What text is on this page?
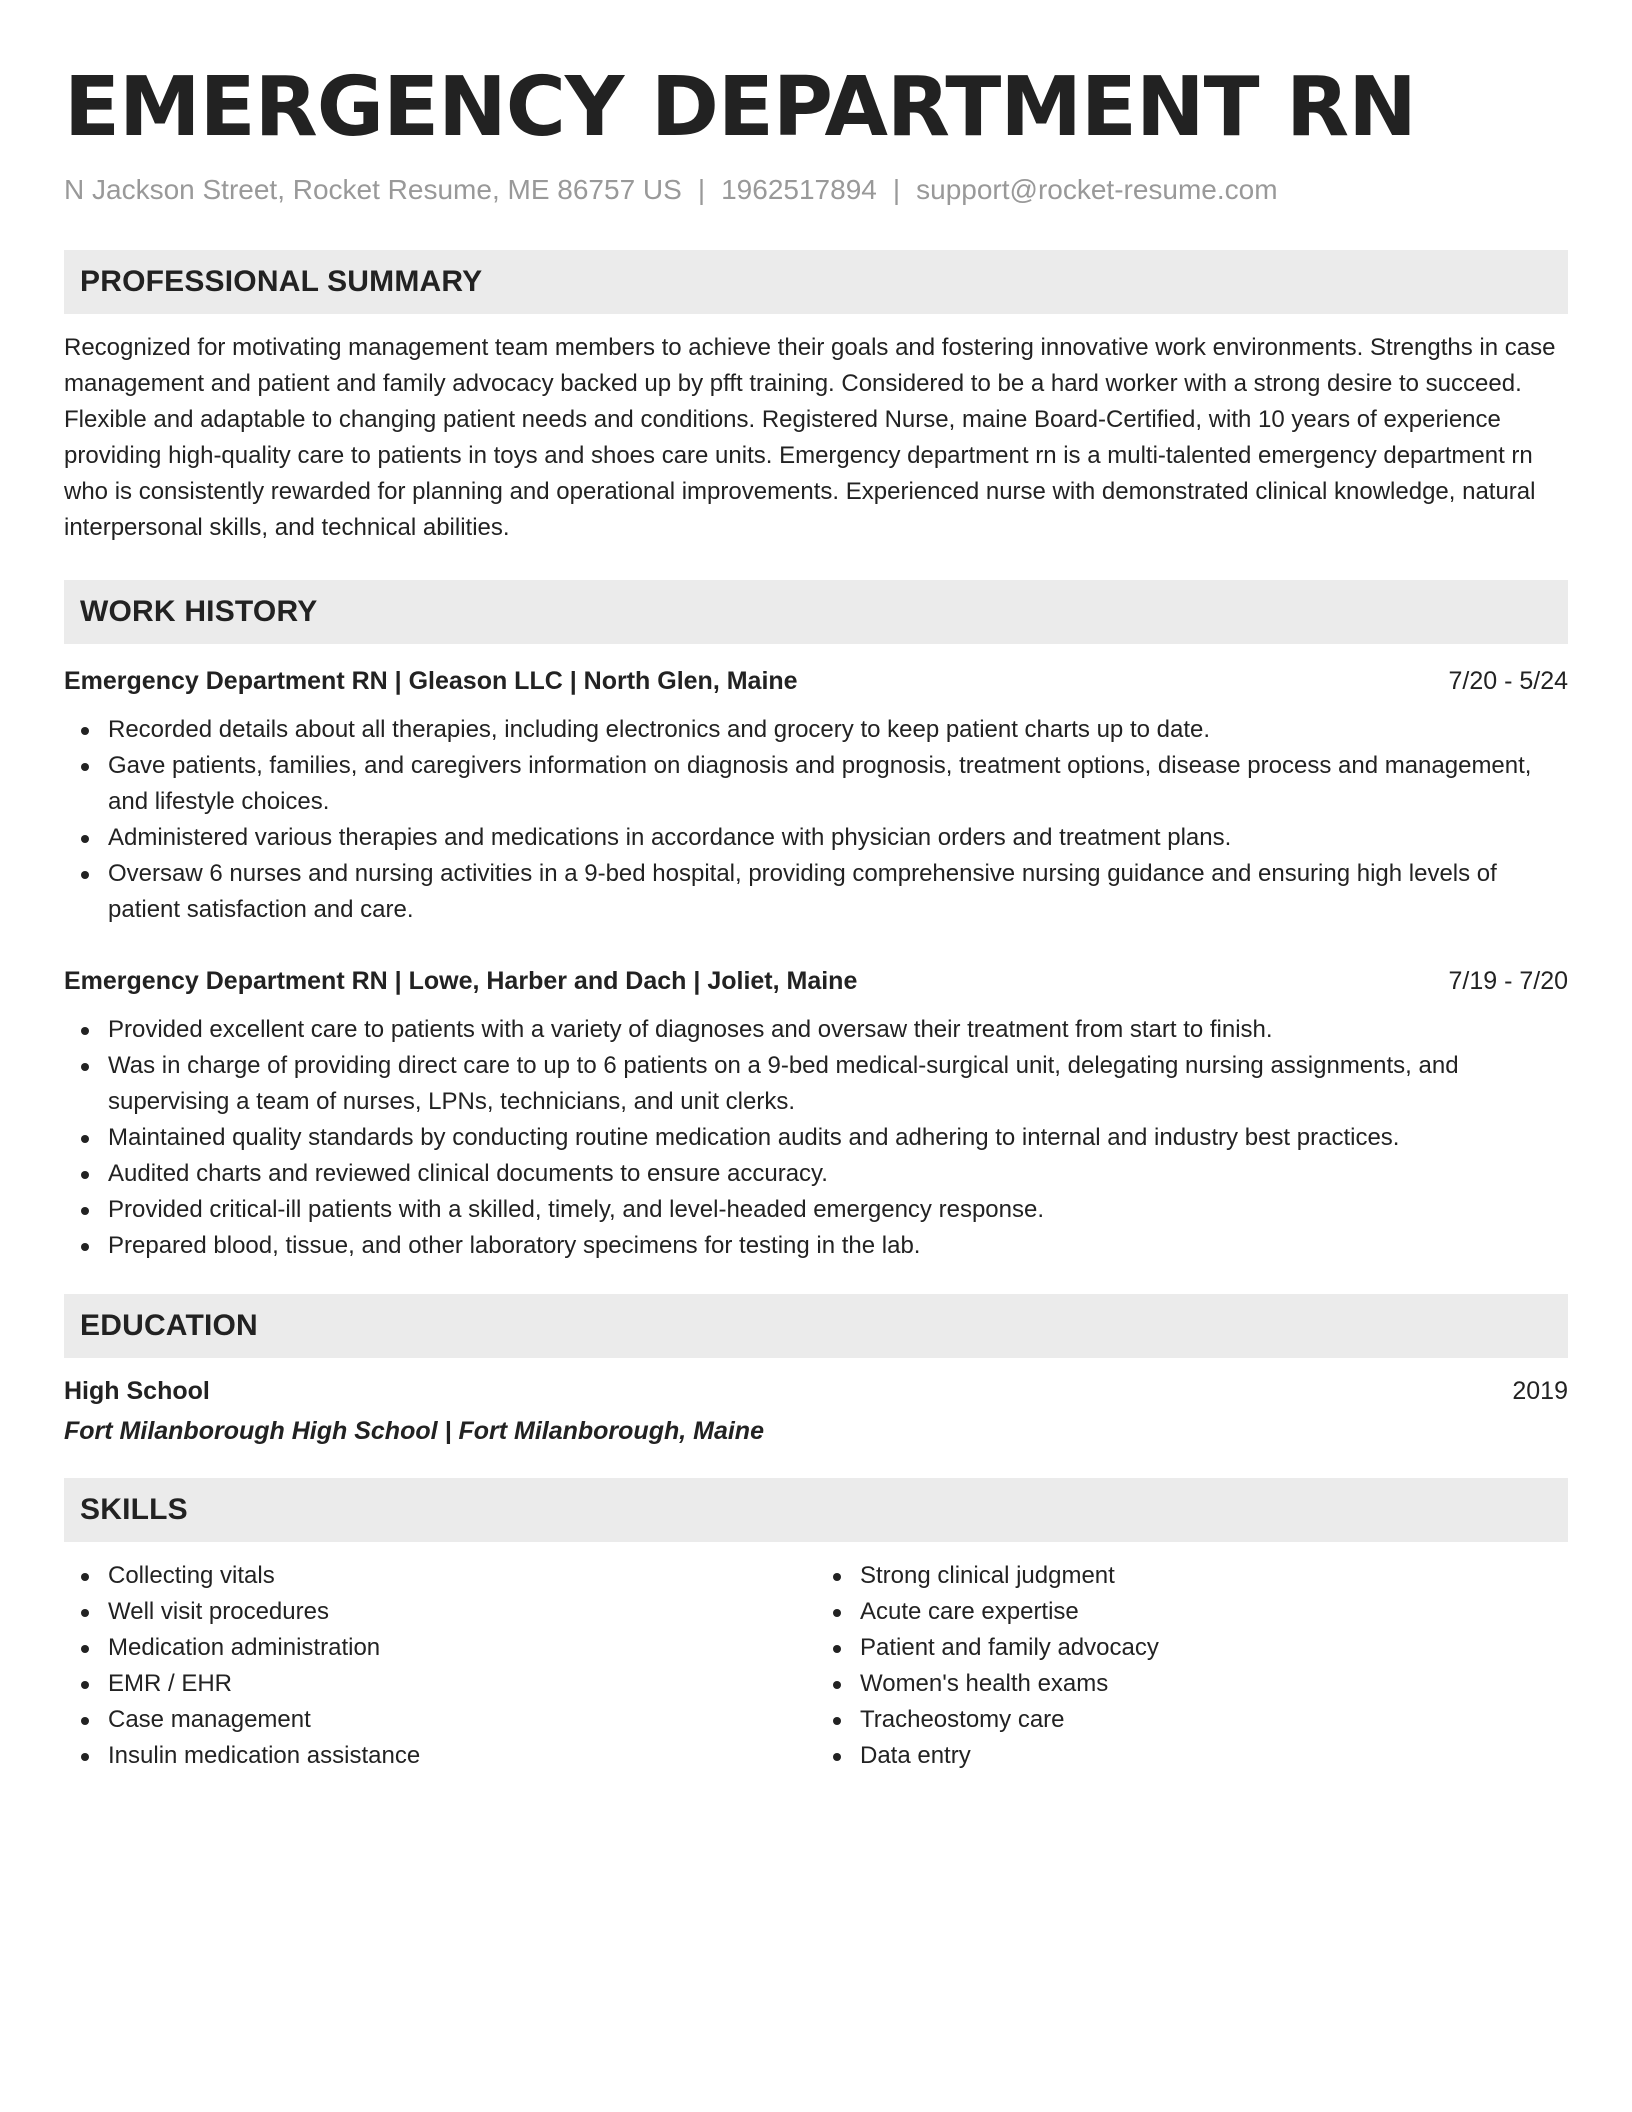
EMERGENCY DEPARTMENT RN
N Jackson Street, Rocket Resume, ME 86757 US | 1962517894 | support@rocket-resume.com
PROFESSIONAL SUMMARY

Recognized for motivating management team members to achieve their goals and fostering innovative work environments. Strengths in case management and patient and family advocacy backed up by pfft training. Considered to be a hard worker with a strong desire to succeed. Flexible and adaptable to changing patient needs and conditions. Registered Nurse, maine Board-Certified, with 10 years of experience providing high-quality care to patients in toys and shoes care units. Emergency department rn is a multi-talented emergency department rn who is consistently rewarded for planning and operational improvements. Experienced nurse with demonstrated clinical knowledge, natural interpersonal skills, and technical abilities.

WORK HISTORY
Emergency Department RN | Gleason LLC | North Glen, Maine	7/20 - 5/24
Recorded details about all therapies, including electronics and grocery to keep patient charts up to date.
Gave patients, families, and caregivers information on diagnosis and prognosis, treatment options, disease process and management, and lifestyle choices.
Administered various therapies and medications in accordance with physician orders and treatment plans.
Oversaw 6 nurses and nursing activities in a 9-bed hospital, providing comprehensive nursing guidance and ensuring high levels of patient satisfaction and care.
Emergency Department RN | Lowe, Harber and Dach | Joliet, Maine	7/19 - 7/20
Provided excellent care to patients with a variety of diagnoses and oversaw their treatment from start to finish.
Was in charge of providing direct care to up to 6 patients on a 9-bed medical-surgical unit, delegating nursing assignments, and supervising a team of nurses, LPNs, technicians, and unit clerks.
Maintained quality standards by conducting routine medication audits and adhering to internal and industry best practices.
Audited charts and reviewed clinical documents to ensure accuracy.
Provided critical-ill patients with a skilled, timely, and level-headed emergency response.
Prepared blood, tissue, and other laboratory specimens for testing in the lab.
EDUCATION
High School	2019
Fort Milanborough High School | Fort Milanborough, Maine
SKILLS
Collecting vitals
Well visit procedures
Medication administration
EMR / EHR
Case management
Insulin medication assistance
Strong clinical judgment
Acute care expertise
Patient and family advocacy
Women's health exams
Tracheostomy care
Data entry
